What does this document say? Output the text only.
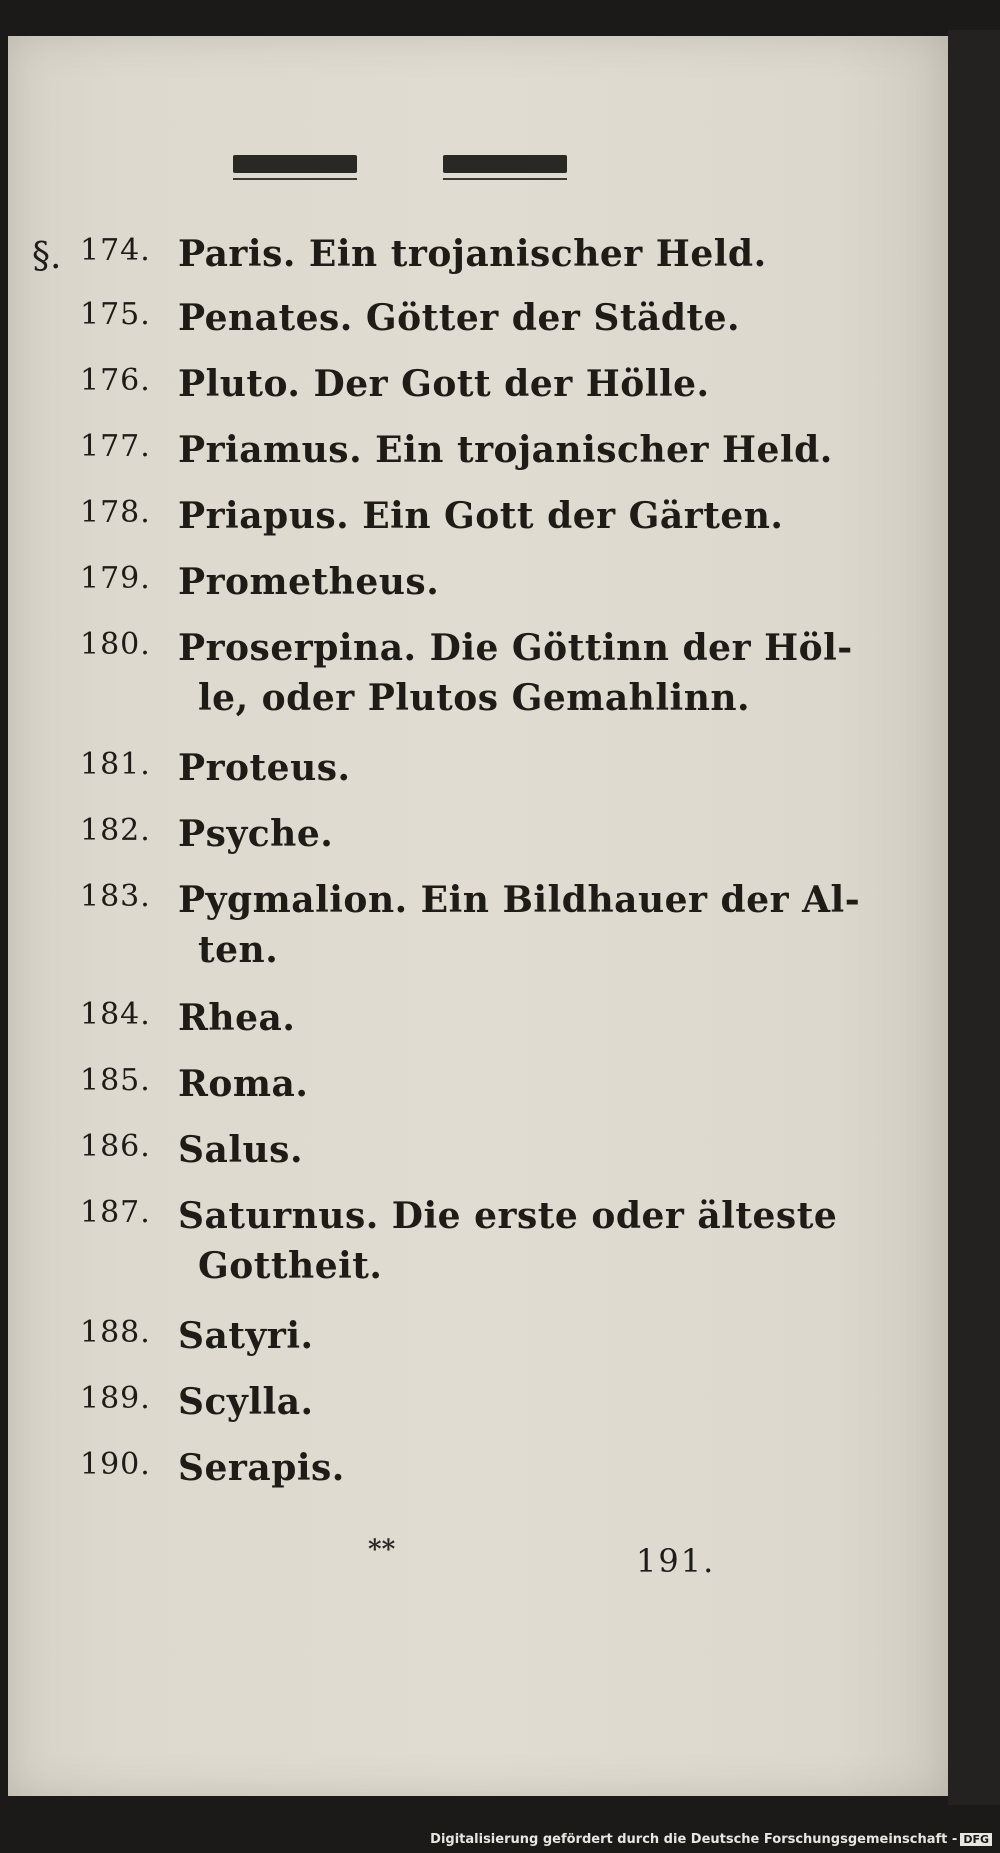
§. 174. Paris. Ein trojanischer Held.
175. Penates. Götter der Städte.
176. Pluto. Der Gott der Hölle.
177. Priamus. Ein trojanischer Held.
178. Priapus. Ein Gott der Gärten.
179. Prometheus.
180. Proserpina. Die Göttinn der Höl-
le, oder Plutos Gemahlinn.
181. Proteus.
182. Psyche.
183. Pygmalion. Ein Bildhauer der Al-
ten.
184. Rhea.
185. Roma.
186. Salus.
187. Saturnus. Die erste oder älteste
Gottheit.
188. Satyri.
189. Scylla.
190. Serapis.
**	191.
Digitalisierung gefördert durch die Deutsche Forschungsgemeinschaft - DFG
